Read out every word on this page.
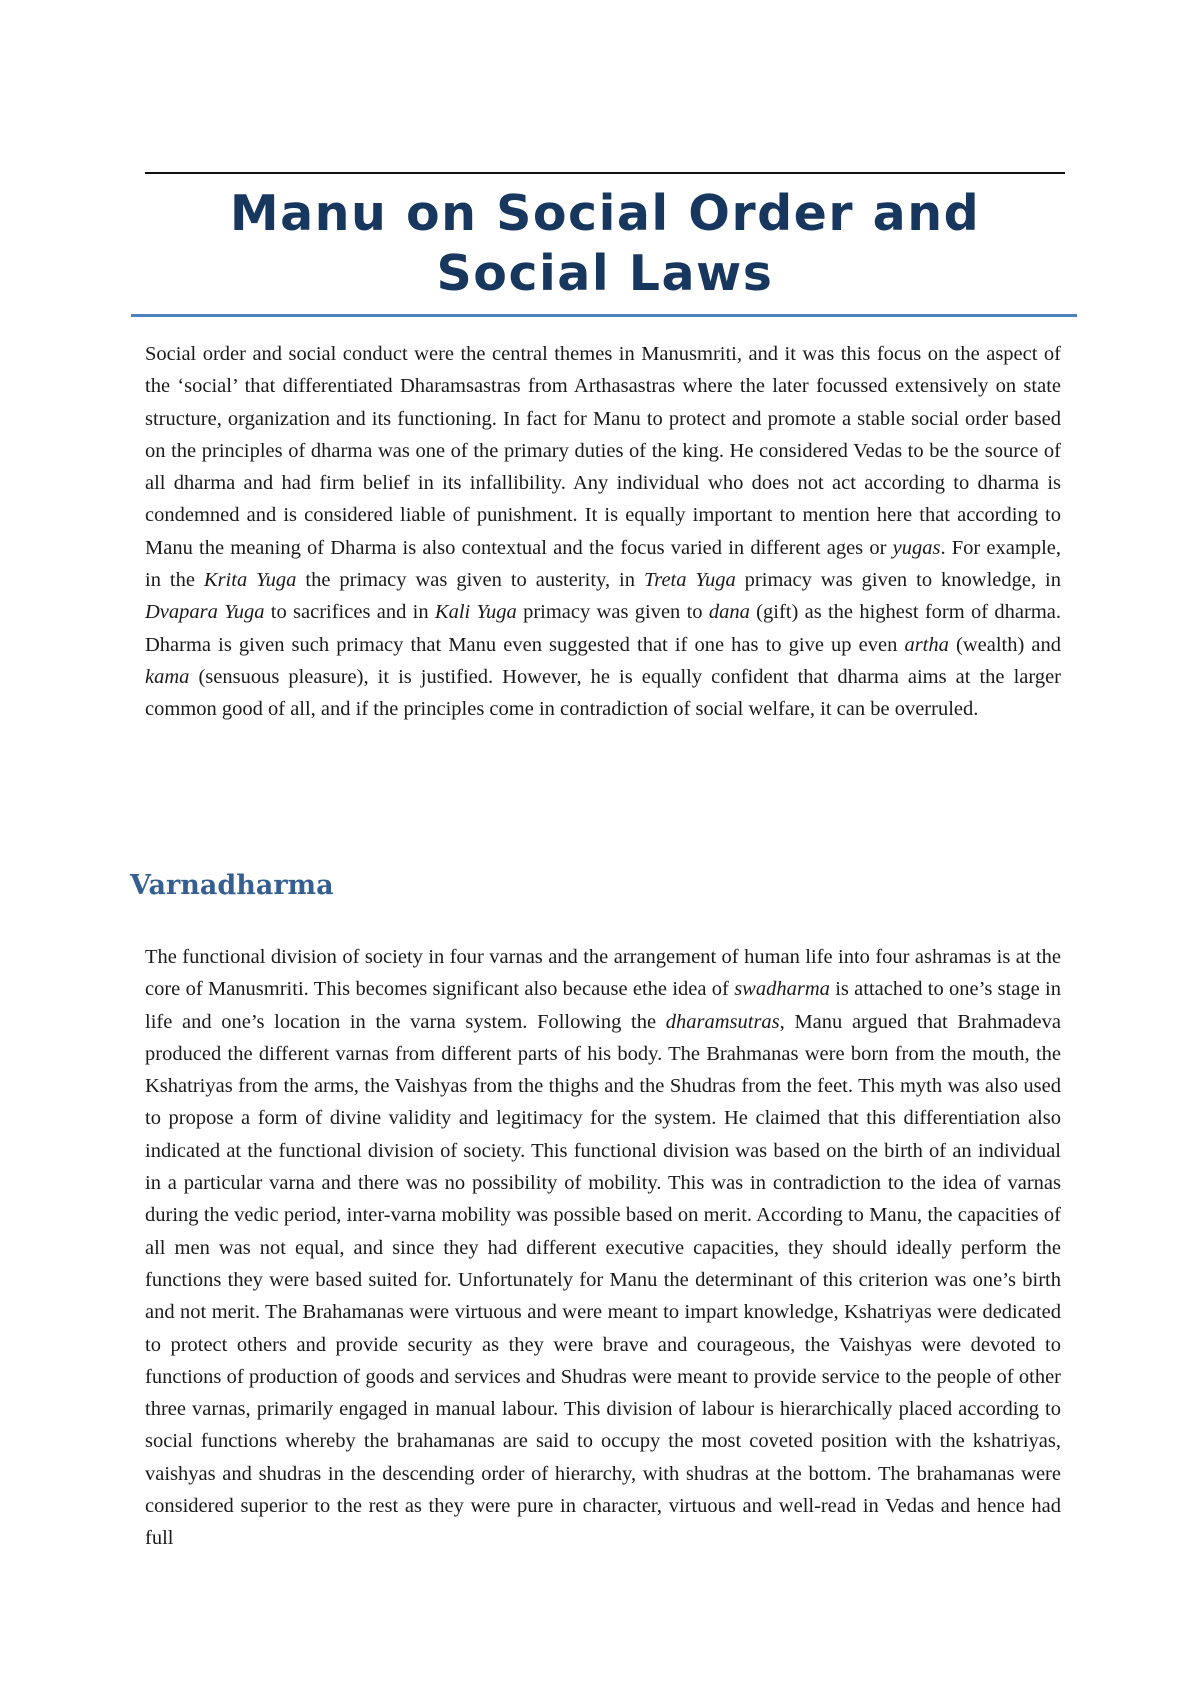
Manu on Social Order and Social Laws

Social order and social conduct were the central themes in Manusmriti, and it was this focus on the aspect of the ‘social’ that differentiated Dharamsastras from Arthasastras where the later focussed extensively on state structure, organization and its functioning. In fact for Manu to protect and promote a stable social order based on the principles of dharma was one of the primary duties of the king. He considered Vedas to be the source of all dharma and had firm belief in its infallibility. Any individual who does not act according to dharma is condemned and is considered liable of punishment. It is equally important to mention here that according to Manu the meaning of Dharma is also contextual and the focus varied in different ages or yugas. For example, in the Krita Yuga the primacy was given to austerity, in Treta Yuga primacy was given to knowledge, in Dvapara Yuga to sacrifices and in Kali Yuga primacy was given to dana (gift) as the highest form of dharma. Dharma is given such primacy that Manu even suggested that if one has to give up even artha (wealth) and kama (sensuous pleasure), it is justified. However, he is equally confident that dharma aims at the larger common good of all, and if the principles come in contradiction of social welfare, it can be overruled.

Varnadharma

The functional division of society in four varnas and the arrangement of human life into four ashramas is at the core of Manusmriti. This becomes significant also because ethe idea of swadharma is attached to one’s stage in life and one’s location in the varna system. Following the dharamsutras, Manu argued that Brahmadeva produced the different varnas from different parts of his body. The Brahmanas were born from the mouth, the Kshatriyas from the arms, the Vaishyas from the thighs and the Shudras from the feet. This myth was also used to propose a form of divine validity and legitimacy for the system. He claimed that this differentiation also indicated at the functional division of society. This functional division was based on the birth of an individual in a particular varna and there was no possibility of mobility. This was in contradiction to the idea of varnas during the vedic period, inter-varna mobility was possible based on merit. According to Manu, the capacities of all men was not equal, and since they had different executive capacities, they should ideally perform the functions they were based suited for. Unfortunately for Manu the determinant of this criterion was one’s birth and not merit. The Brahamanas were virtuous and were meant to impart knowledge, Kshatriyas were dedicated to protect others and provide security as they were brave and courageous, the Vaishyas were devoted to functions of production of goods and services and Shudras were meant to provide service to the people of other three varnas, primarily engaged in manual labour. This division of labour is hierarchically placed according to social functions whereby the brahamanas are said to occupy the most coveted position with the kshatriyas, vaishyas and shudras in the descending order of hierarchy, with shudras at the bottom. The brahamanas were considered superior to the rest as they were pure in character, virtuous and well-read in Vedas and hence had full
